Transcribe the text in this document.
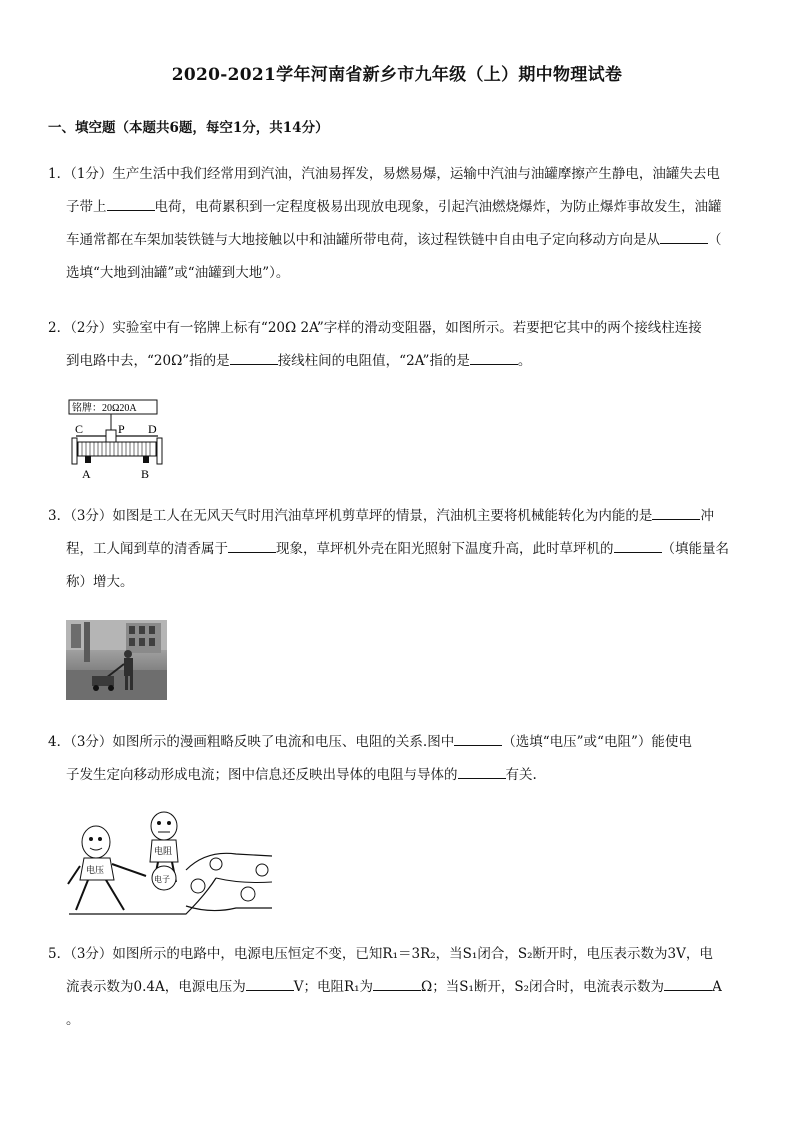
2020-2021学年河南省新乡市九年级（上）期中物理试卷
一、填空题（本题共6题，每空1分，共14分）

1．（1分）生产生活中我们经常用到汽油，汽油易挥发，易燃易爆，运输中汽油与油罐摩擦产生静电，油罐失去电

子带上	电荷，电荷累积到一定程度极易出现放电现象，引起汽油燃烧爆炸，为防止爆炸事故发生，油罐

车通常都在车架加装铁链与大地接触以中和油罐所带电荷，该过程铁链中自由电子定向移动方向是从	（

选填“大地到油罐”或“油罐到大地”）。

2．（2分）实验室中有一铭牌上标有“20Ω 2A”字样的滑动变阻器，如图所示。若要把它其中的两个接线柱连接

到电路中去，“20Ω”指的是	接线柱间的电阻值，“2A”指的是	。

铭牌：20Ω20A
C	P D
A	B

3．（3分）如图是工人在无风天气时用汽油草坪机剪草坪的情景，汽油机主要将机械能转化为内能的是	冲

程，工人闻到草的清香属于	现象，草坪机外壳在阳光照射下温度升高，此时草坪机的	（填能量名

称）增大。

4．（3分）如图所示的漫画粗略反映了电流和电压、电阻的关系.图中	（选填“电压”或“电阻”）能使电

子发生定向移动形成电流；图中信息还反映出导体的电阻与导体的	有关.

电压
电阻
电子

5．（3分）如图所示的电路中，电源电压恒定不变，已知R₁＝3R₂，当S₁闭合，S₂断开时，电压表示数为3V，电

流表示数为0.4A，电源电压为	V；电阻R₁为	Ω；当S₁断开，S₂闭合时，电流表示数为	A

。
